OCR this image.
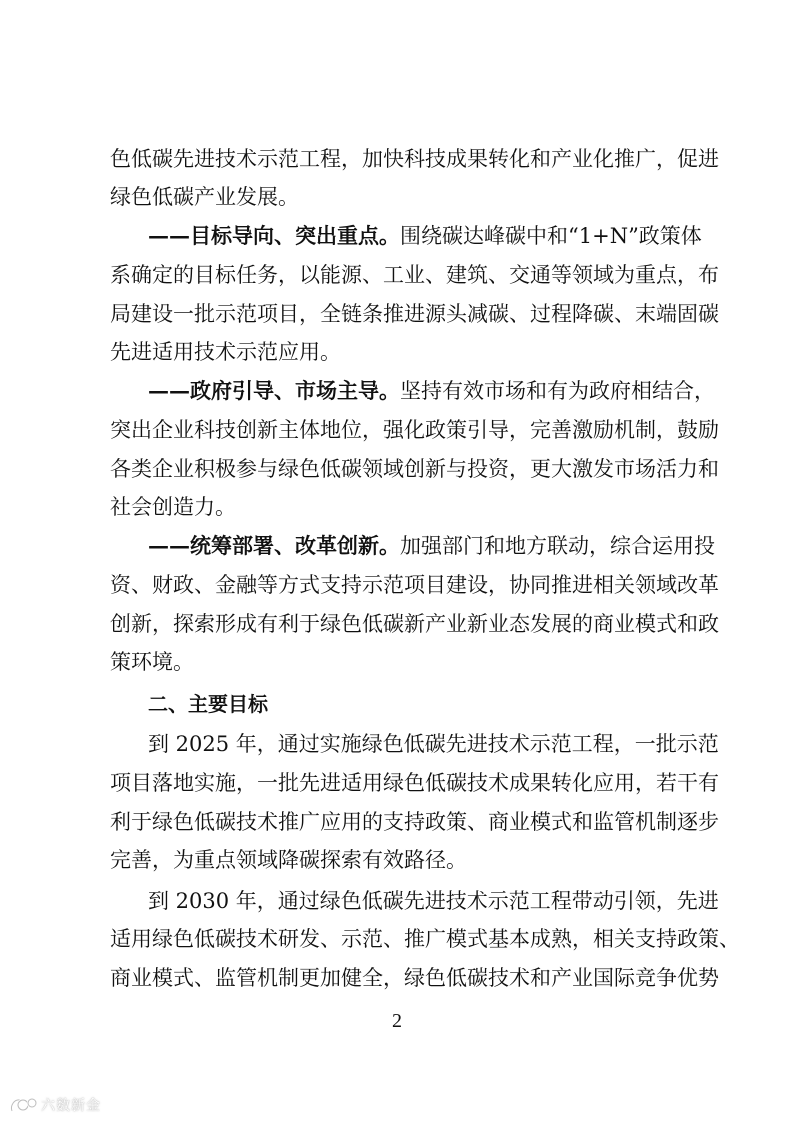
色低碳先进技术示范工程，加快科技成果转化和产业化推广，促进
绿色低碳产业发展。
——目标导向、突出重点。围绕碳达峰碳中和“1+N”政策体
系确定的目标任务，以能源、工业、建筑、交通等领域为重点，布
局建设一批示范项目，全链条推进源头减碳、过程降碳、末端固碳
先进适用技术示范应用。
——政府引导、市场主导。坚持有效市场和有为政府相结合，
突出企业科技创新主体地位，强化政策引导，完善激励机制，鼓励
各类企业积极参与绿色低碳领域创新与投资，更大激发市场活力和
社会创造力。
——统筹部署、改革创新。加强部门和地方联动，综合运用投
资、财政、金融等方式支持示范项目建设，协同推进相关领域改革
创新，探索形成有利于绿色低碳新产业新业态发展的商业模式和政
策环境。
二、主要目标
到 2025 年，通过实施绿色低碳先进技术示范工程，一批示范
项目落地实施，一批先进适用绿色低碳技术成果转化应用，若干有
利于绿色低碳技术推广应用的支持政策、商业模式和监管机制逐步
完善，为重点领域降碳探索有效路径。
到 2030 年，通过绿色低碳先进技术示范工程带动引领，先进
适用绿色低碳技术研发、示范、推广模式基本成熟，相关支持政策、
商业模式、监管机制更加健全，绿色低碳技术和产业国际竞争优势
2
六数新金
